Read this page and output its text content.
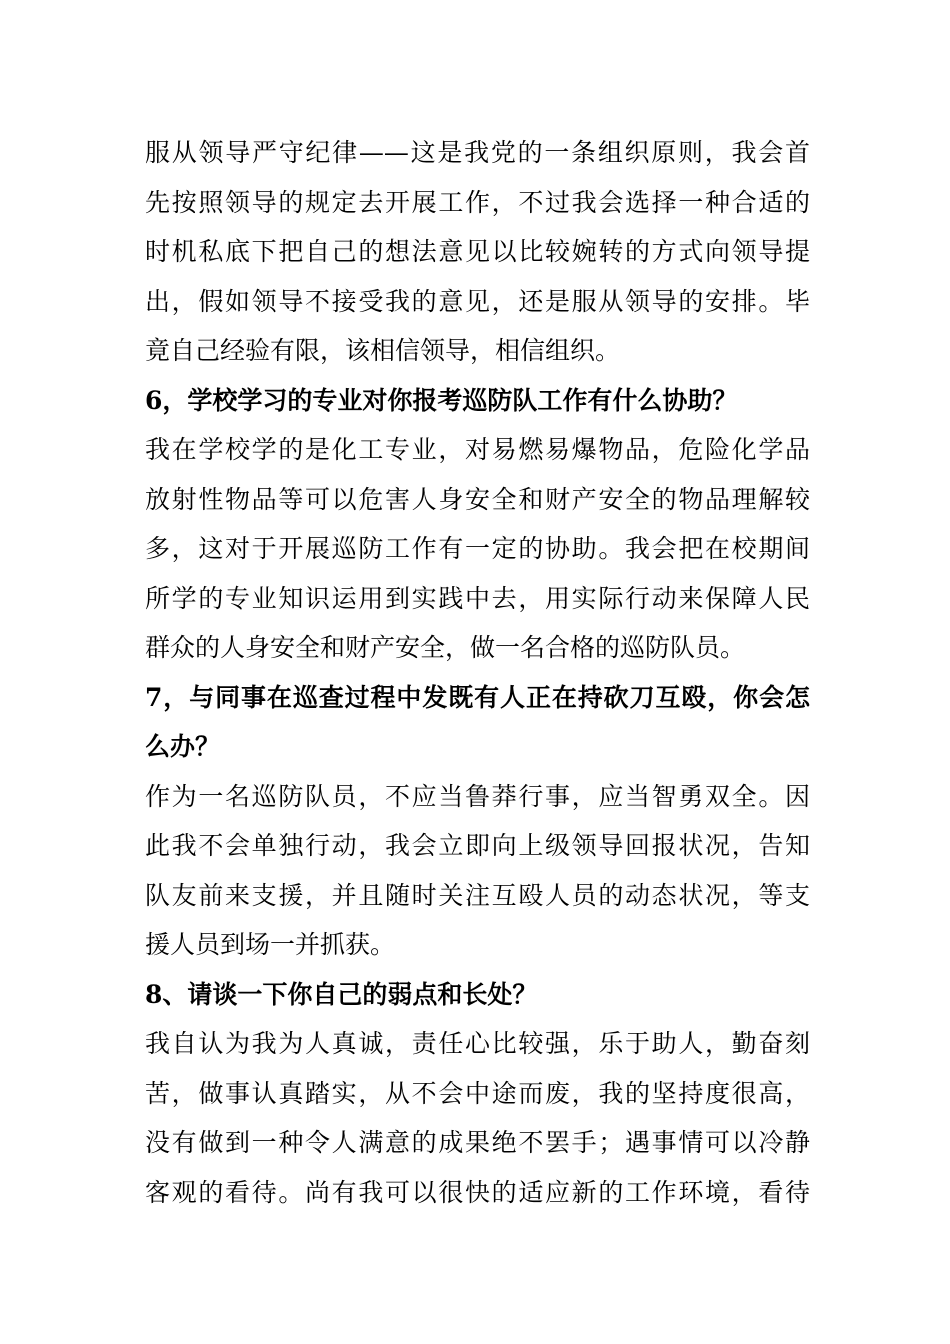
服从领导严守纪律——这是我党的一条组织原则，我会首
先按照领导的规定去开展工作，不过我会选择一种合适的
时机私底下把自己的想法意见以比较婉转的方式向领导提
出，假如领导不接受我的意见，还是服从领导的安排。毕
竟自己经验有限，该相信领导，相信组织。
6，学校学习的专业对你报考巡防队工作有什么协助？
我在学校学的是化工专业，对易燃易爆物品，危险化学品
放射性物品等可以危害人身安全和财产安全的物品理解较
多，这对于开展巡防工作有一定的协助。我会把在校期间
所学的专业知识运用到实践中去，用实际行动来保障人民
群众的人身安全和财产安全，做一名合格的巡防队员。
7，与同事在巡查过程中发既有人正在持砍刀互殴，你会怎
么办？
作为一名巡防队员，不应当鲁莽行事，应当智勇双全。因
此我不会单独行动，我会立即向上级领导回报状况，告知
队友前来支援，并且随时关注互殴人员的动态状况，等支
援人员到场一并抓获。
8、请谈一下你自己的弱点和长处？
我自认为我为人真诚，责任心比较强，乐于助人，勤奋刻
苦，做事认真踏实，从不会中途而废，我的坚持度很高，
没有做到一种令人满意的成果绝不罢手；遇事情可以冷静
客观的看待。尚有我可以很快的适应新的工作环境，看待
